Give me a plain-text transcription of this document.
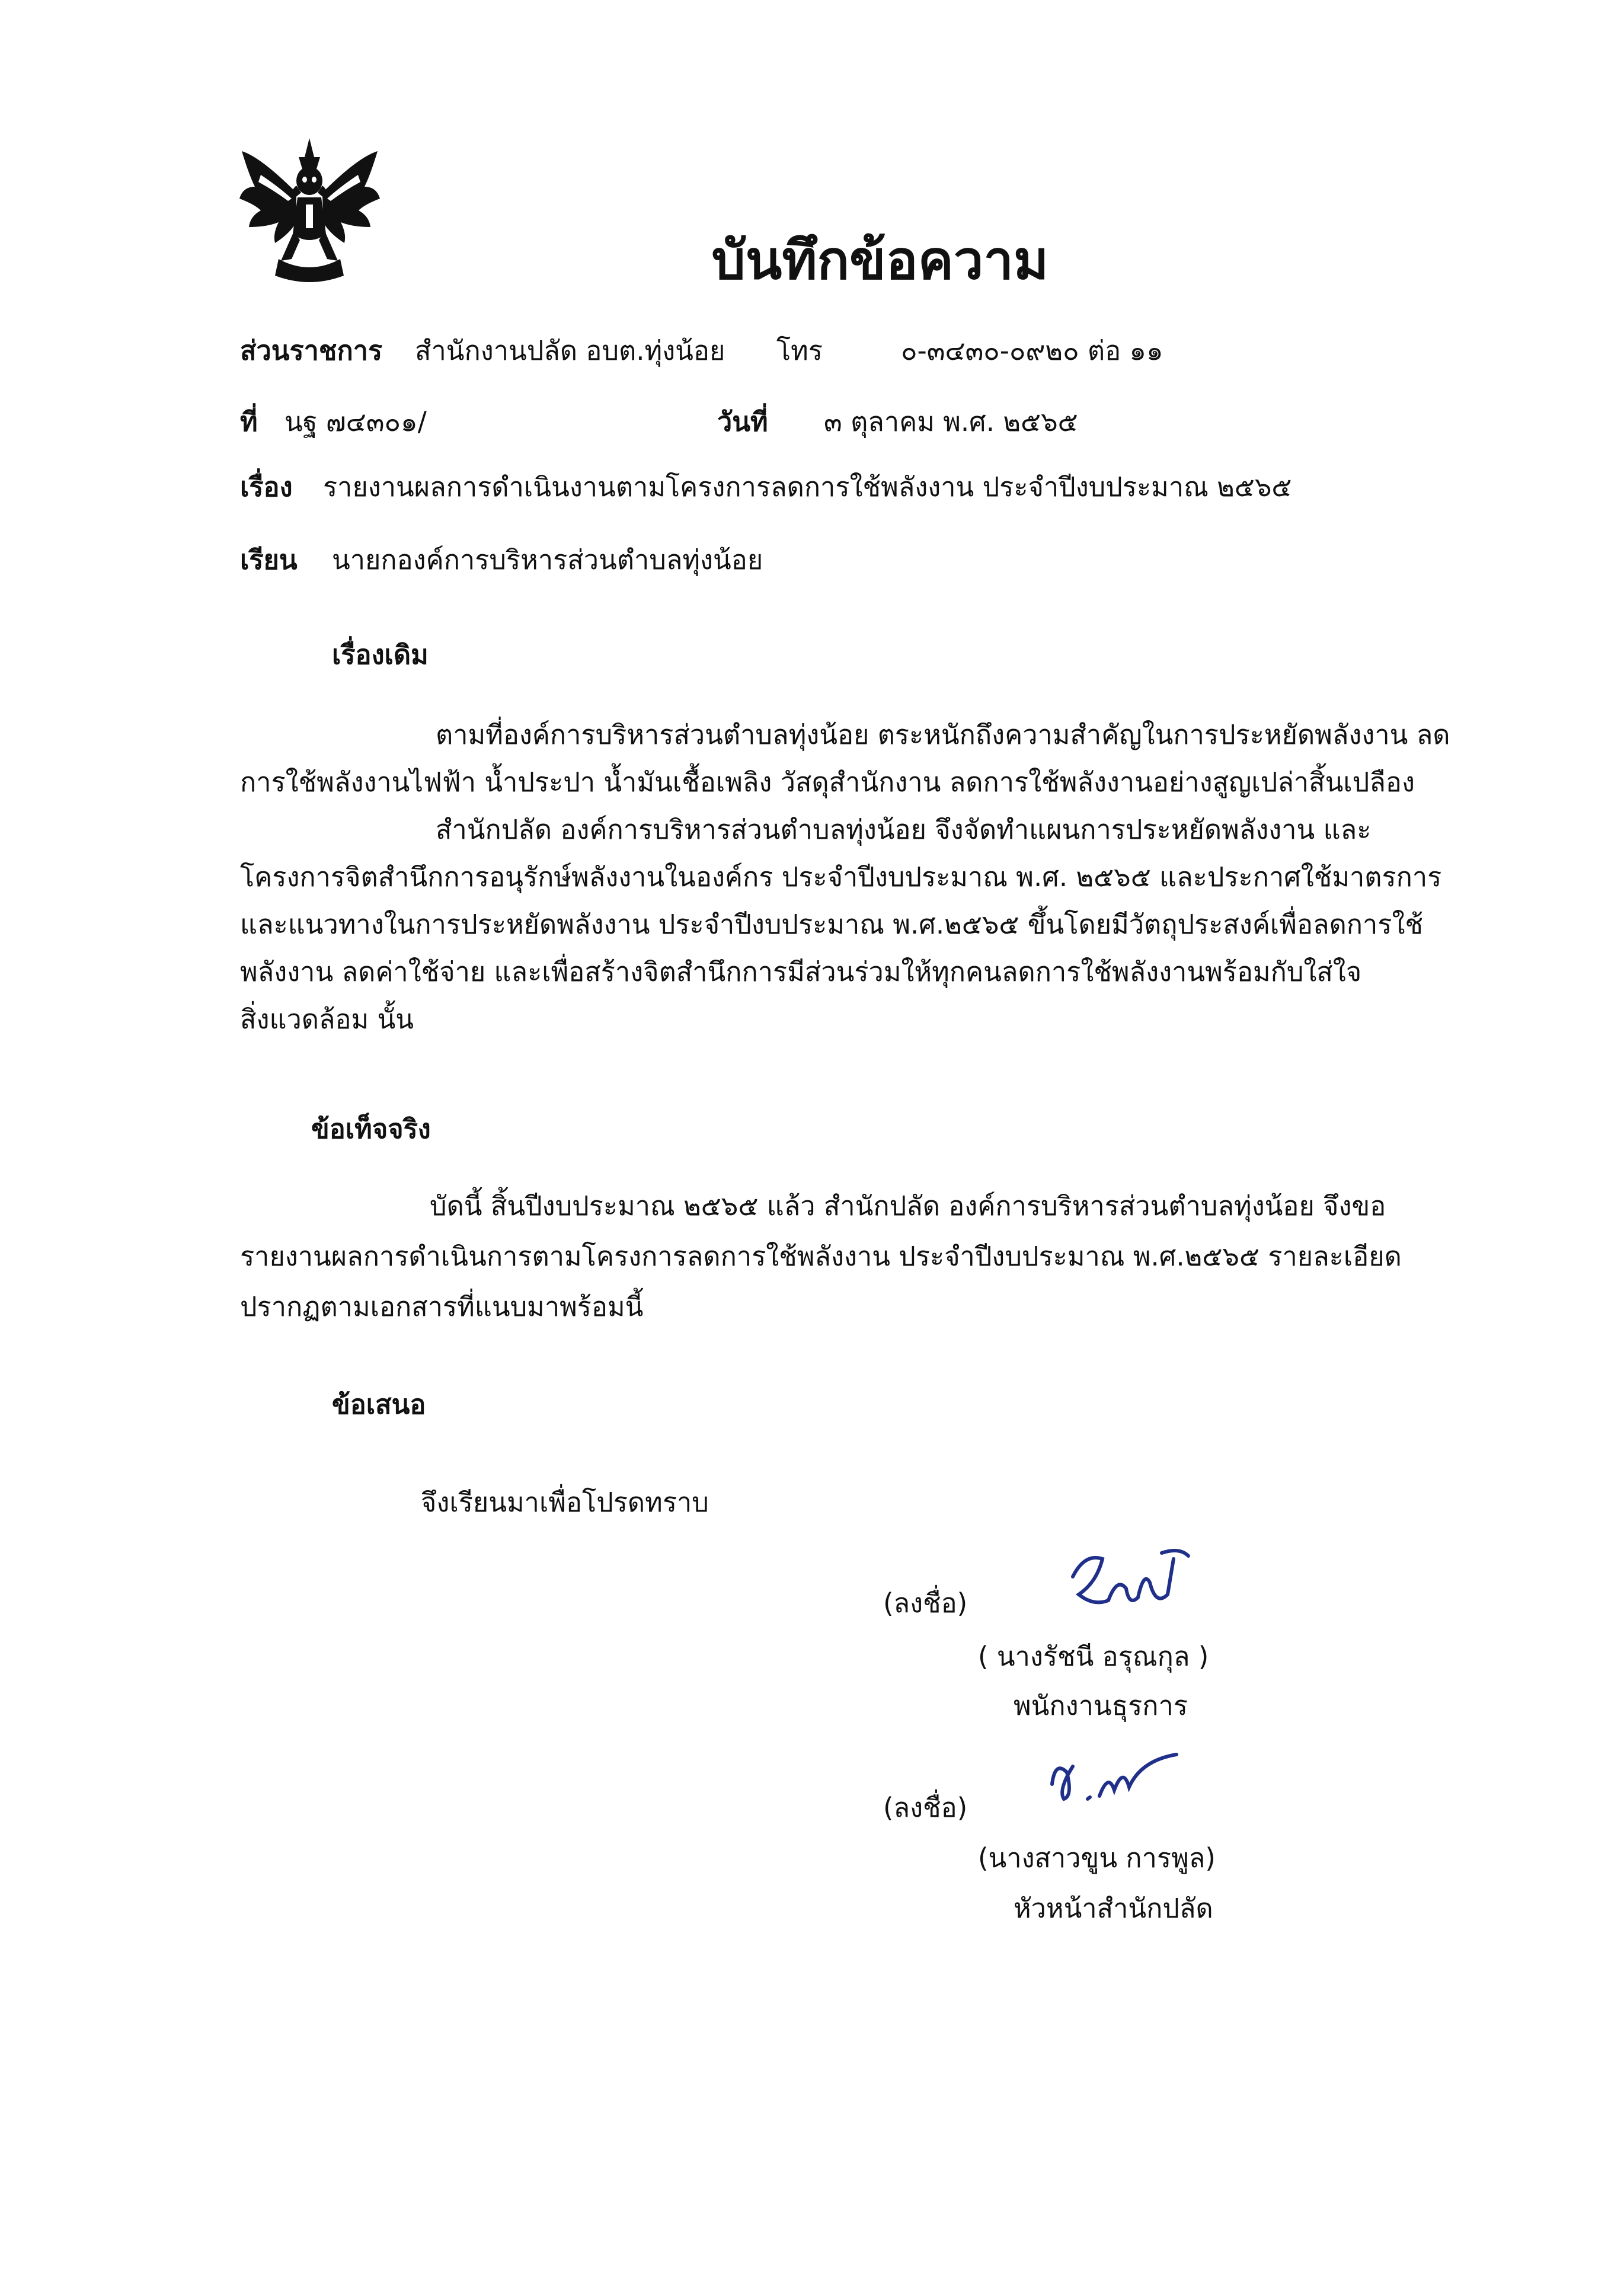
บันทึกข้อความ
ส่วนราชการ สำนักงานปลัด อบต.ทุ่งน้อย โทร	๐-๓๔๓๐-๐๙๒๐ ต่อ ๑๑
ที่ นฐ ๗๔๓๐๑/	วันที่ ๓ ตุลาคม พ.ศ. ๒๕๖๕
เรื่อง รายงานผลการดำเนินงานตามโครงการลดการใช้พลังงาน ประจำปีงบประมาณ ๒๕๖๕
เรียน นายกองค์การบริหารส่วนตำบลทุ่งน้อย
เรื่องเดิม
ตามที่องค์การบริหารส่วนตำบลทุ่งน้อย ตระหนักถึงความสำคัญในการประหยัดพลังงาน ลด
การใช้พลังงานไฟฟ้า น้ำประปา น้ำมันเชื้อเพลิง วัสดุสำนักงาน ลดการใช้พลังงานอย่างสูญเปล่าสิ้นเปลือง
สำนักปลัด องค์การบริหารส่วนตำบลทุ่งน้อย จึงจัดทำแผนการประหยัดพลังงาน และ
โครงการจิตสำนึกการอนุรักษ์พลังงานในองค์กร ประจำปีงบประมาณ พ.ศ. ๒๕๖๕ และประกาศใช้มาตรการ
และแนวทางในการประหยัดพลังงาน ประจำปีงบประมาณ พ.ศ.๒๕๖๕ ขึ้นโดยมีวัตถุประสงค์เพื่อลดการใช้
พลังงาน ลดค่าใช้จ่าย และเพื่อสร้างจิตสำนึกการมีส่วนร่วมให้ทุกคนลดการใช้พลังงานพร้อมกับใส่ใจ
สิ่งแวดล้อม นั้น
ข้อเท็จจริง
บัดนี้ สิ้นปีงบประมาณ ๒๕๖๕ แล้ว สำนักปลัด องค์การบริหารส่วนตำบลทุ่งน้อย จึงขอ
รายงานผลการดำเนินการตามโครงการลดการใช้พลังงาน ประจำปีงบประมาณ พ.ศ.๒๕๖๕ รายละเอียด
ปรากฏตามเอกสารที่แนบมาพร้อมนี้
ข้อเสนอ
จึงเรียนมาเพื่อโปรดทราบ
(ลงชื่อ)
( นางรัชนี อรุณกุล )
พนักงานธุรการ
(ลงชื่อ)
(นางสาวขูน การพูล)
หัวหน้าสำนักปลัด
